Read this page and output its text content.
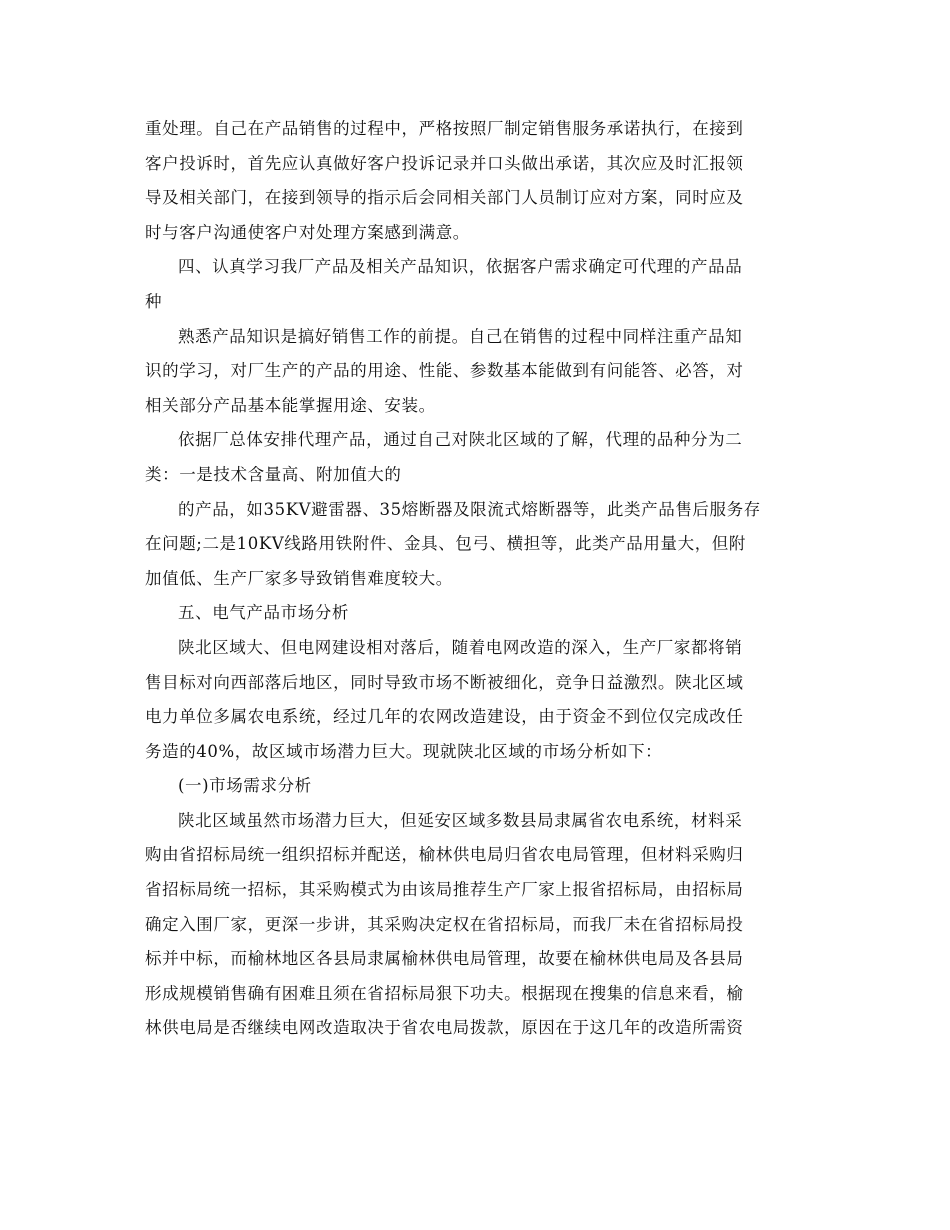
重处理。自己在产品销售的过程中，严格按照厂制定销售服务承诺执行，在接到
客户投诉时，首先应认真做好客户投诉记录并口头做出承诺，其次应及时汇报领
导及相关部门，在接到领导的指示后会同相关部门人员制订应对方案，同时应及
时与客户沟通使客户对处理方案感到满意。
四、认真学习我厂产品及相关产品知识，依据客户需求确定可代理的产品品
种
熟悉产品知识是搞好销售工作的前提。自己在销售的过程中同样注重产品知
识的学习，对厂生产的产品的用途、性能、参数基本能做到有问能答、必答，对
相关部分产品基本能掌握用途、安装。
依据厂总体安排代理产品，通过自己对陕北区域的了解，代理的品种分为二
类：一是技术含量高、附加值大的
的产品，如35KV避雷器、35熔断器及限流式熔断器等，此类产品售后服务存
在问题;二是10KV线路用铁附件、金具、包弓、横担等，此类产品用量大，但附
加值低、生产厂家多导致销售难度较大。
五、电气产品市场分析
陕北区域大、但电网建设相对落后，随着电网改造的深入，生产厂家都将销
售目标对向西部落后地区，同时导致市场不断被细化，竞争日益激烈。陕北区域
电力单位多属农电系统，经过几年的农网改造建设，由于资金不到位仅完成改任
务造的40%，故区域市场潜力巨大。现就陕北区域的市场分析如下：
(一)市场需求分析
陕北区域虽然市场潜力巨大，但延安区域多数县局隶属省农电系统，材料采
购由省招标局统一组织招标并配送，榆林供电局归省农电局管理，但材料采购归
省招标局统一招标，其采购模式为由该局推荐生产厂家上报省招标局，由招标局
确定入围厂家，更深一步讲，其采购决定权在省招标局，而我厂未在省招标局投
标并中标，而榆林地区各县局隶属榆林供电局管理，故要在榆林供电局及各县局
形成规模销售确有困难且须在省招标局狠下功夫。根据现在搜集的信息来看，榆
林供电局是否继续电网改造取决于省农电局拨款，原因在于这几年的改造所需资
